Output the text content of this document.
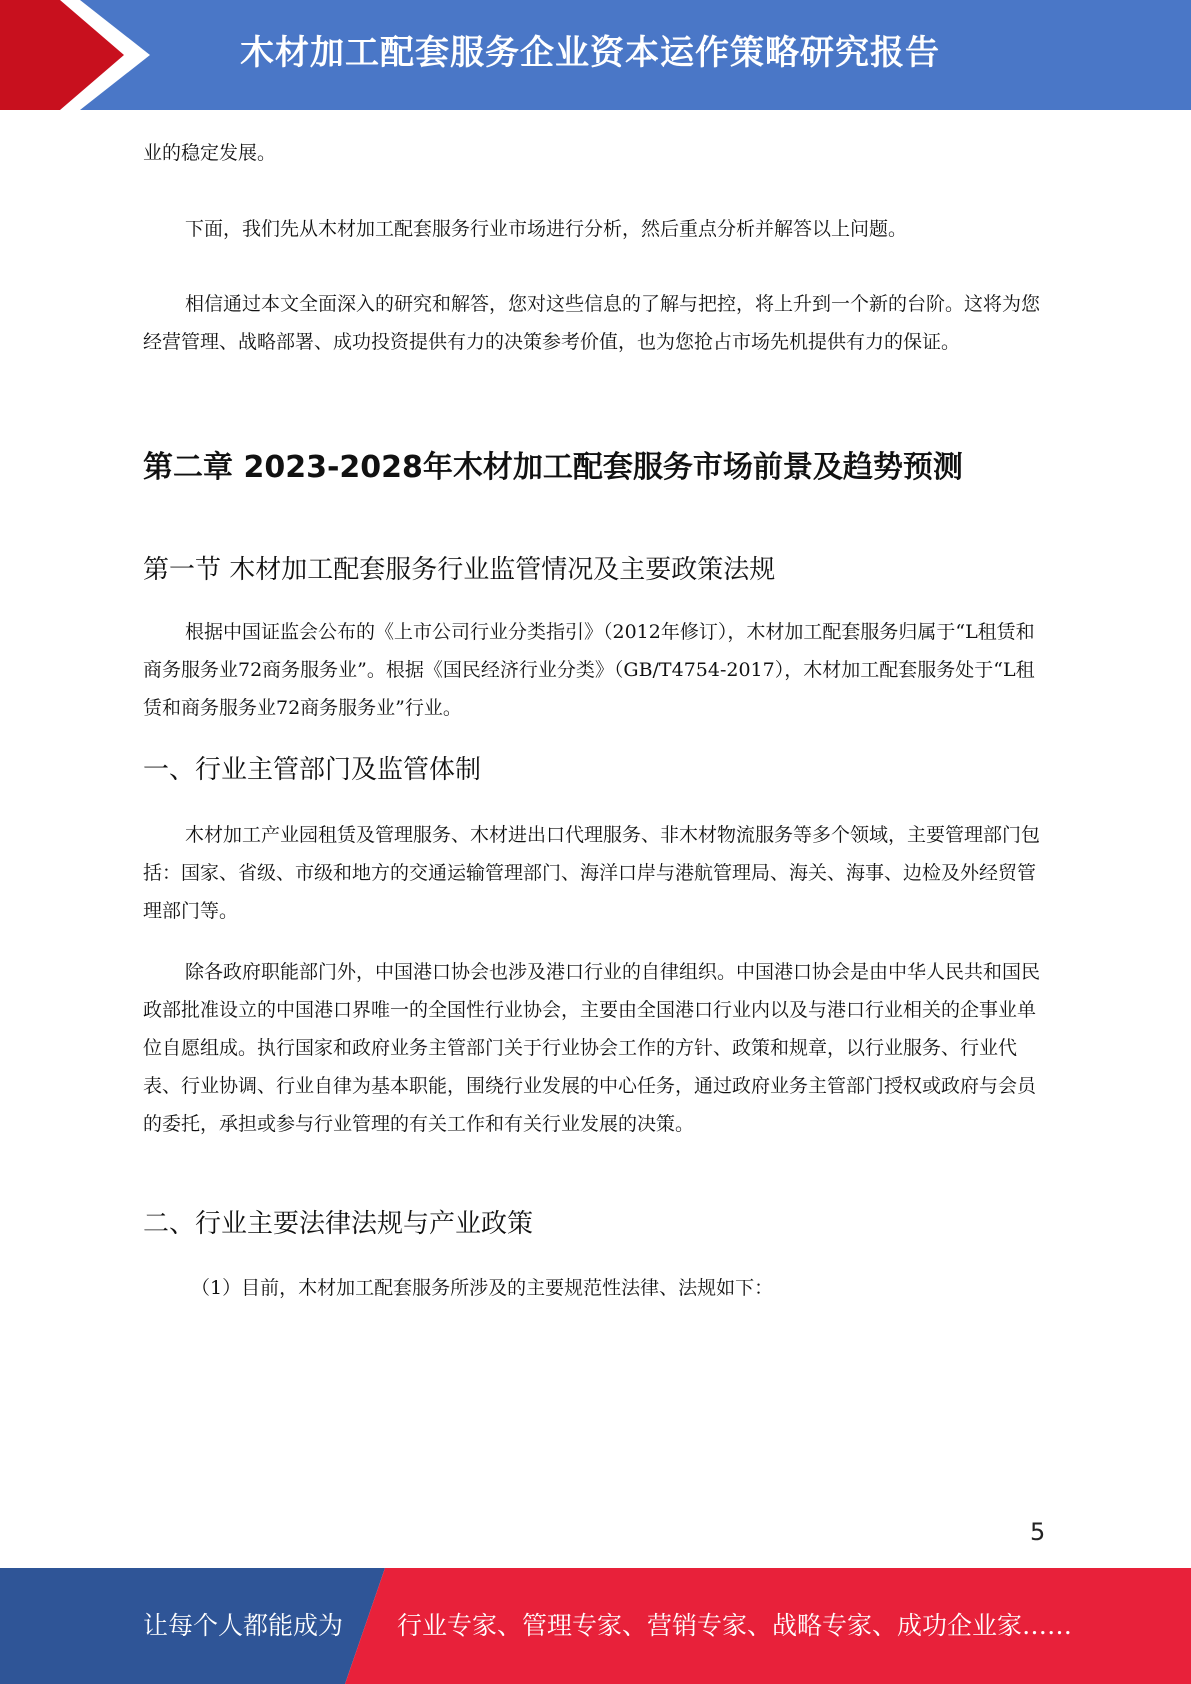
木材加工配套服务企业资本运作策略研究报告

业的稳定发展。

下面，我们先从木材加工配套服务行业市场进行分析，然后重点分析并解答以上问题。

相信通过本文全面深入的研究和解答，您对这些信息的了解与把控，将上升到一个新的台阶。这将为您经营管理、战略部署、成功投资提供有力的决策参考价值，也为您抢占市场先机提供有力的保证。

第二章 2023-2028年木材加工配套服务市场前景及趋势预测
第一节 木材加工配套服务行业监管情况及主要政策法规

根据中国证监会公布的《上市公司行业分类指引》（2012年修订），木材加工配套服务归属于“L租赁和商务服务业72商务服务业”。根据《国民经济行业分类》（GB/T4754-2017），木材加工配套服务处于“L租赁和商务服务业72商务服务业”行业。

一、行业主管部门及监管体制

木材加工产业园租赁及管理服务、木材进出口代理服务、非木材物流服务等多个领域，主要管理部门包括：国家、省级、市级和地方的交通运输管理部门、海洋口岸与港航管理局、海关、海事、边检及外经贸管理部门等。

除各政府职能部门外，中国港口协会也涉及港口行业的自律组织。中国港口协会是由中华人民共和国民政部批准设立的中国港口界唯一的全国性行业协会，主要由全国港口行业内以及与港口行业相关的企事业单位自愿组成。执行国家和政府业务主管部门关于行业协会工作的方针、政策和规章，以行业服务、行业代表、行业协调、行业自律为基本职能，围绕行业发展的中心任务，通过政府业务主管部门授权或政府与会员的委托，承担或参与行业管理的有关工作和有关行业发展的决策。

二、行业主要法律法规与产业政策

（1）目前，木材加工配套服务所涉及的主要规范性法律、法规如下：

5
让每个人都能成为 行业专家、管理专家、营销专家、战略专家、成功企业家……
